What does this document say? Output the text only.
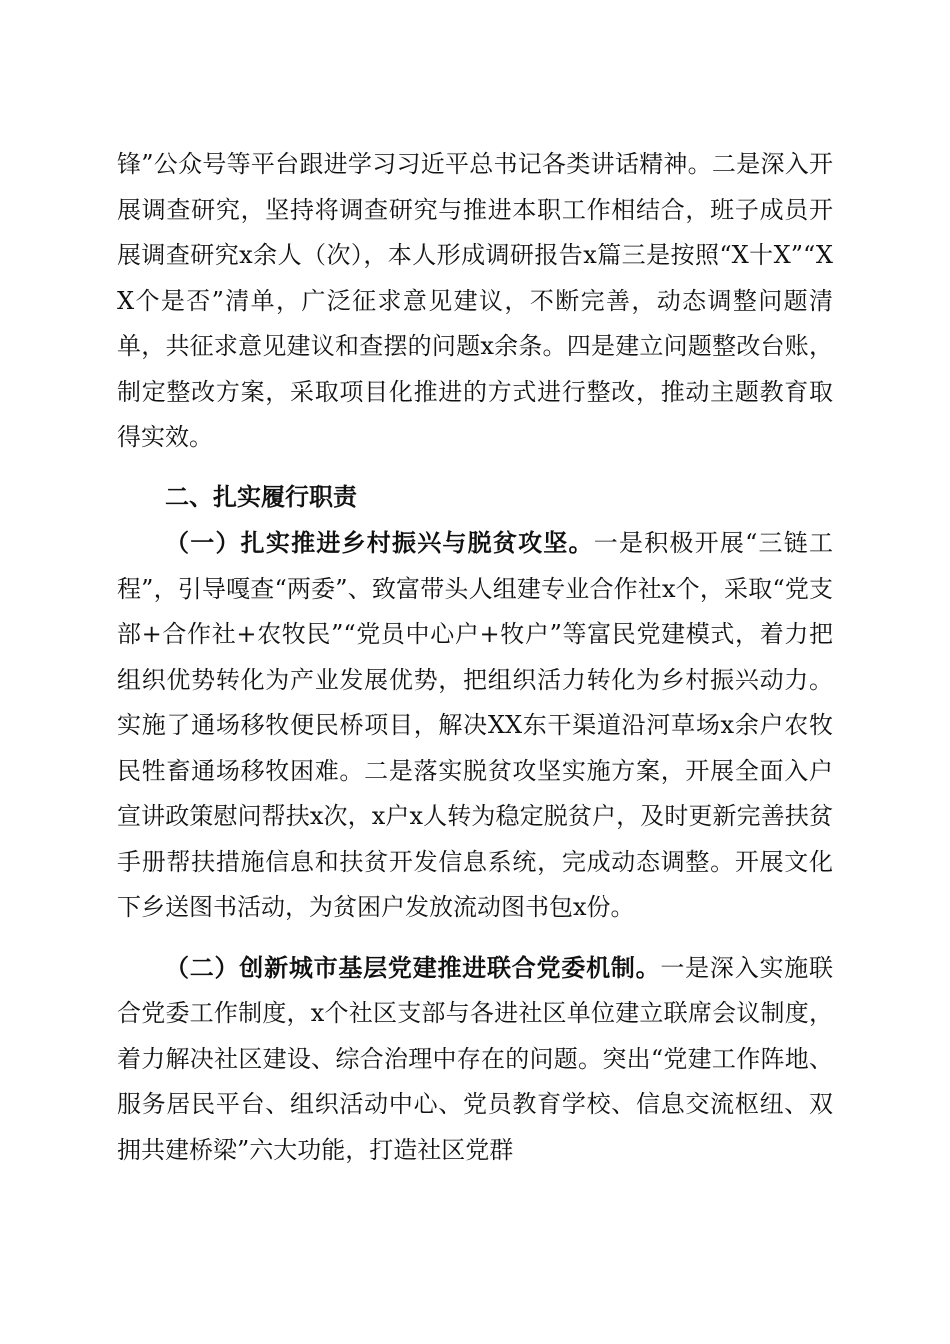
锋”公众号等平台跟进学习习近平总书记各类讲话精神。二是深入开展调查研究，坚持将调查研究与推进本职工作相结合，班子成员开展调查研究x余人（次），本人形成调研报告x篇三是按照“X十X”“XX个是否”清单，广泛征求意见建议，不断完善，动态调整问题清单，共征求意见建议和查摆的问题x余条。四是建立问题整改台账，制定整改方案，采取项目化推进的方式进行整改，推动主题教育取得实效。

二、扎实履行职责

（一）扎实推进乡村振兴与脱贫攻坚。一是积极开展“三链工程”，引导嘎查“两委”、致富带头人组建专业合作社x个，采取“党支部+合作社+农牧民”“党员中心户+牧户”等富民党建模式，着力把组织优势转化为产业发展优势，把组织活力转化为乡村振兴动力。实施了通场移牧便民桥项目，解决XX东干渠道沿河草场x余户农牧民牲畜通场移牧困难。二是落实脱贫攻坚实施方案，开展全面入户宣讲政策慰问帮扶x次，x户x人转为稳定脱贫户，及时更新完善扶贫手册帮扶措施信息和扶贫开发信息系统，完成动态调整。开展文化下乡送图书活动，为贫困户发放流动图书包x份。

（二）创新城市基层党建推进联合党委机制。一是深入实施联合党委工作制度，x个社区支部与各进社区单位建立联席会议制度，着力解决社区建设、综合治理中存在的问题。突出“党建工作阵地、服务居民平台、组织活动中心、党员教育学校、信息交流枢纽、双拥共建桥梁”六大功能，打造社区党群
